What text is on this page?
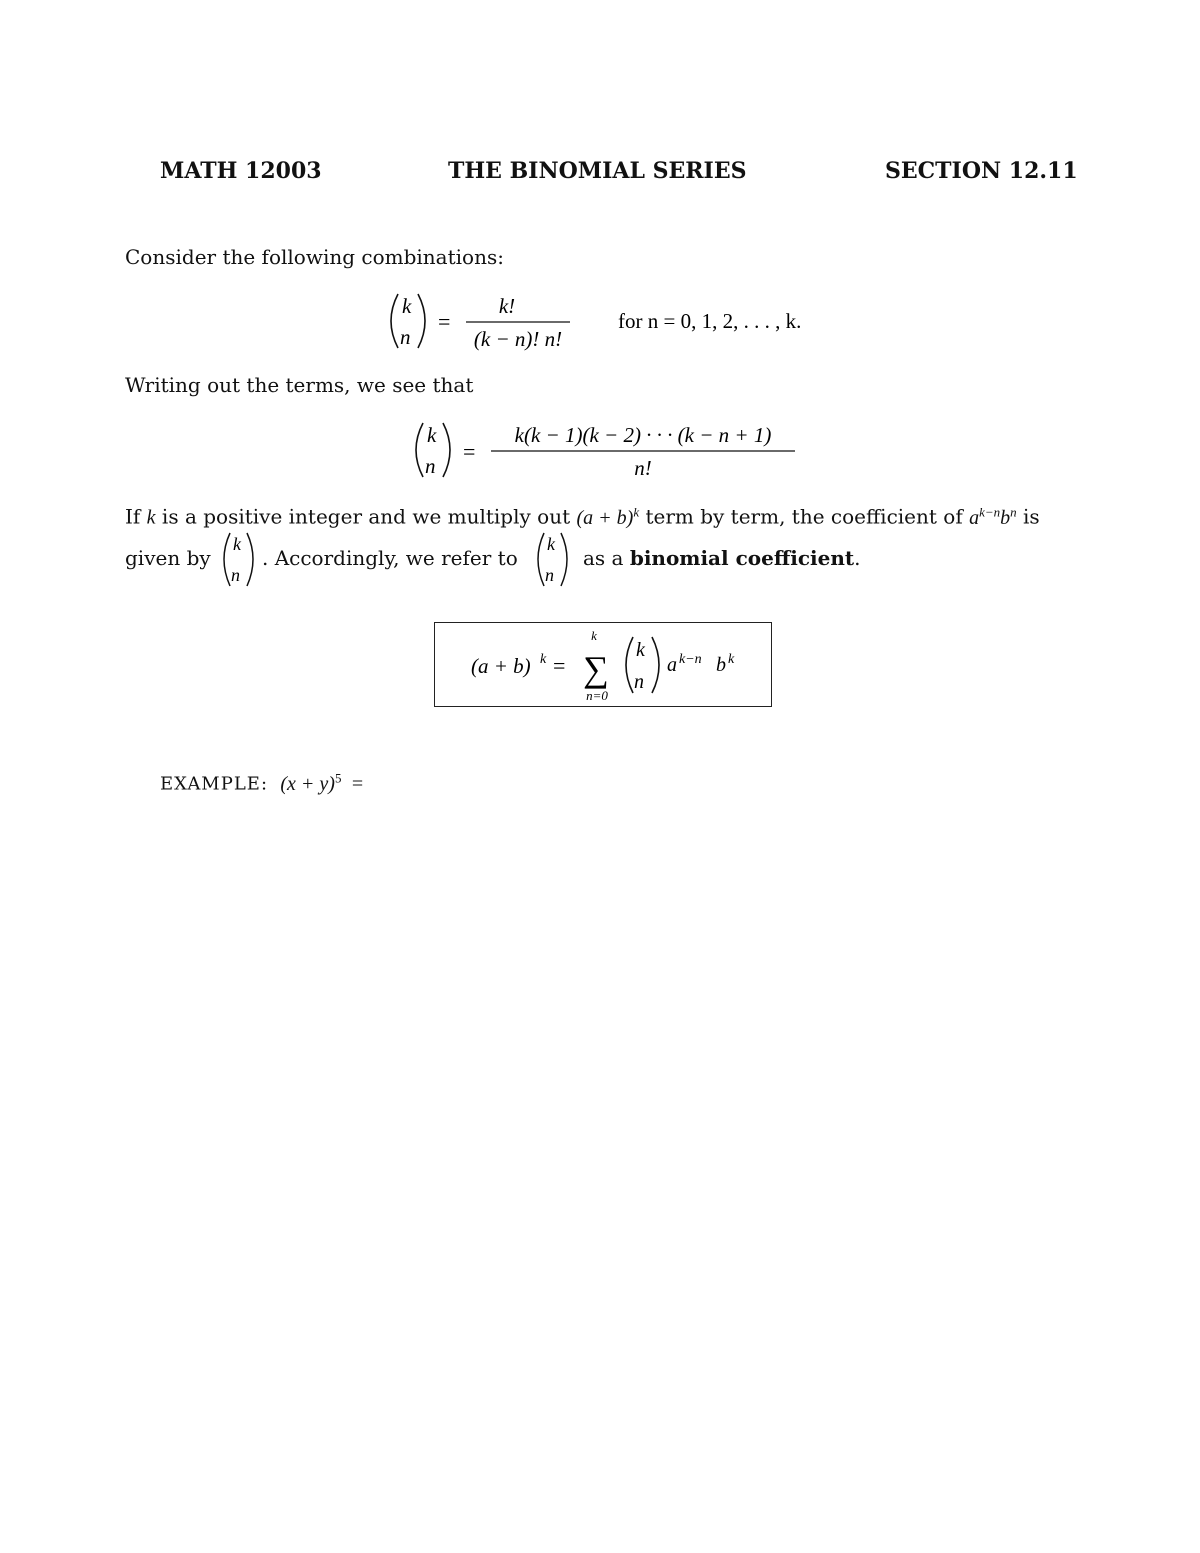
MATH 12003	THE BINOMIAL SERIES	SECTION 12.11
Consider the following combinations:
k
n
=
k!
(k − n)! n!
for n = 0, 1, 2, . . . , k.
Writing out the terms, we see that
k
n
=
k(k − 1)(k − 2) · · · (k − n + 1)
n!
If k is a positive integer and we multiply out $(a + b)^k$ term by term, the coefficient of $a^{k-n}b^n$ is
given by
k
n
. Accordingly, we refer to
k
n
as a binomial coefficient.
(a + b) k =
k
∑
n=0
k
n
a k−n b k
EXAMPLE: $(x + y)^5$ =
